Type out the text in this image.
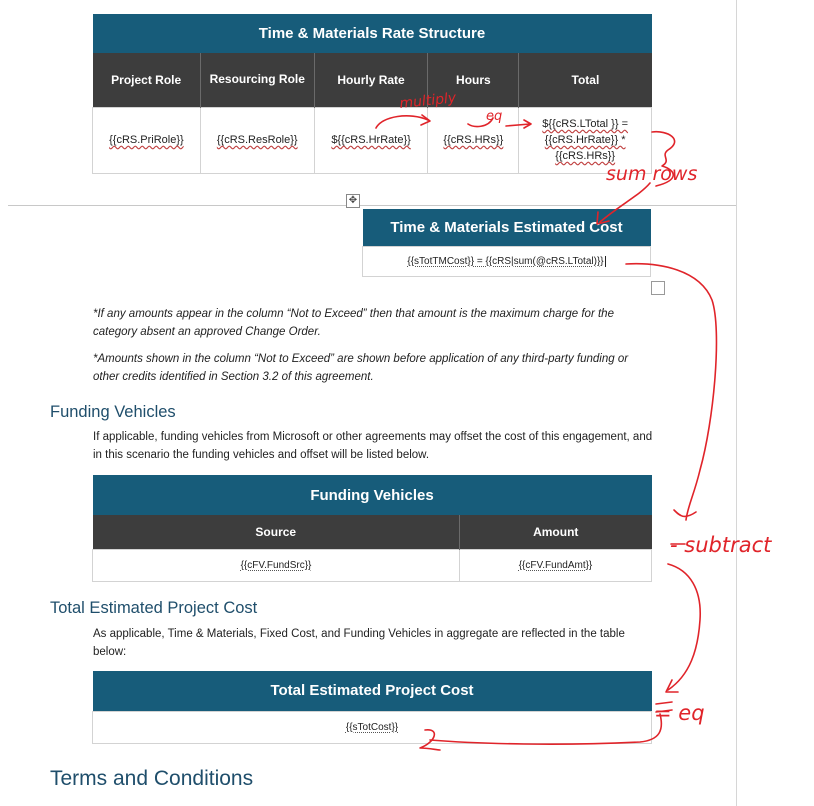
Time & Materials Rate Structure				
Project Role	Resourcing Role	Hourly Rate	Hours	Total
{{cRS.PriRole}}	{{cRS.ResRole}}	${{cRS.HrRate}}	{{cRS.HRs}}	${{cRS.LTotal }} =
{{cRS.HrRate}} *
{{cRS.HRs}}
✥
Time & Materials Estimated Cost
{{sTotTMCost}} = {{cRS|sum(@cRS.LTotal)}}
*If any amounts appear in the column “Not to Exceed” then that amount is the maximum charge for the category absent an approved Change Order.
*Amounts shown in the column “Not to Exceed” are shown before application of any third-party funding or other credits identified in Section 3.2 of this agreement.
Funding Vehicles
If applicable, funding vehicles from Microsoft or other agreements may offset the cost of this engagement, and in this scenario the funding vehicles and offset will be listed below.
Funding Vehicles	
Source	Amount
{{cFV.FundSrc}}	{{cFV.FundAmt}}
Total Estimated Project Cost
As applicable, Time & Materials, Fixed Cost, and Funding Vehicles in aggregate are reflected in the table below:
Total Estimated Project Cost
{{sTotCost}}
Terms and Conditions
multiply
eq
sum rows
- subtract
= eq
2
